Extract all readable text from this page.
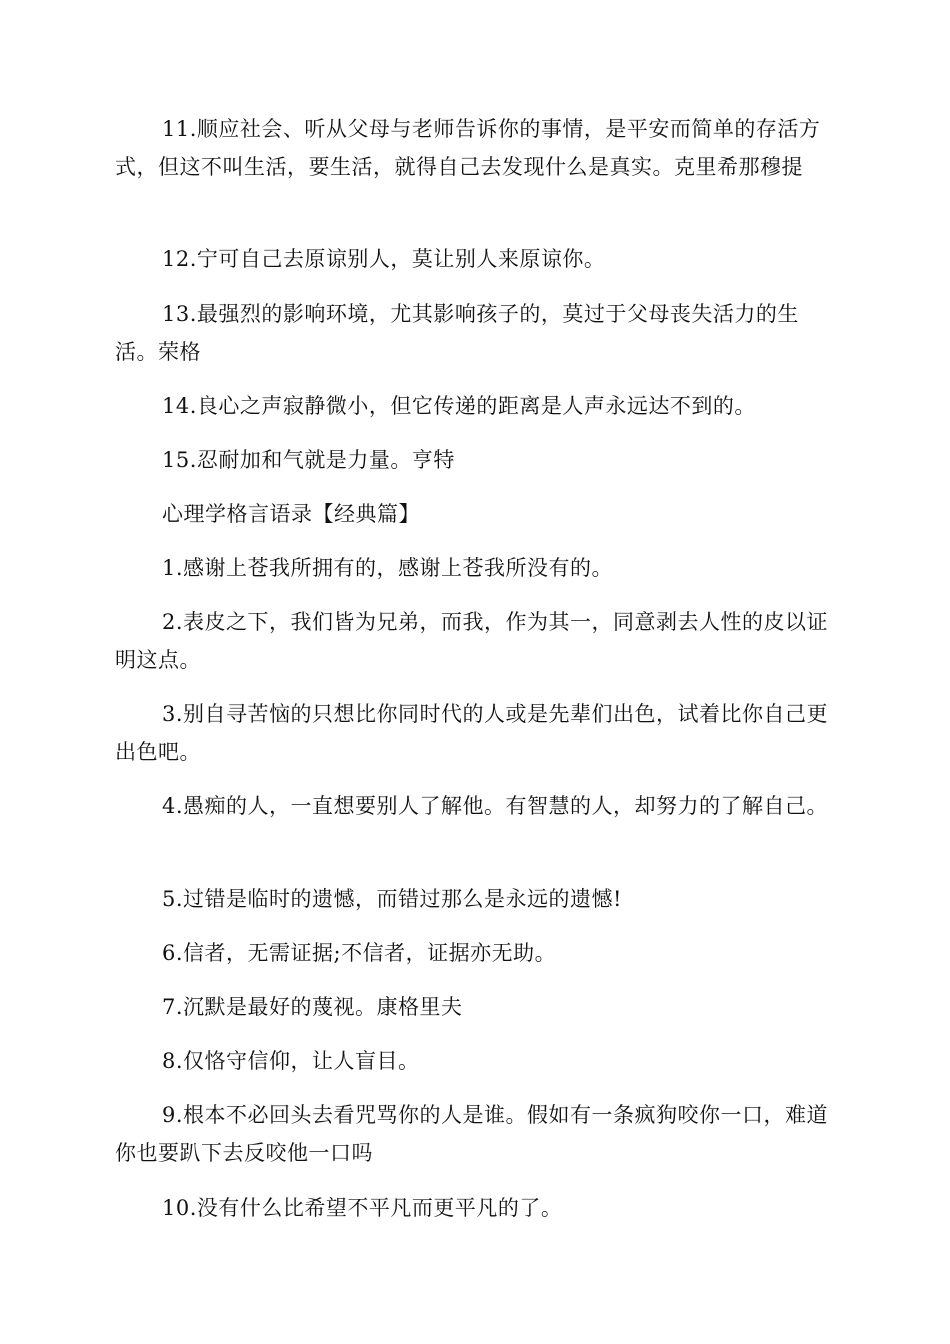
11.顺应社会、听从父母与老师告诉你的事情，是平安而简单的存活方式，但这不叫生活，要生活，就得自己去发现什么是真实。克里希那穆提

12.宁可自己去原谅别人，莫让别人来原谅你。

13.最强烈的影响环境，尤其影响孩子的，莫过于父母丧失活力的生活。荣格

14.良心之声寂静微小，但它传递的距离是人声永远达不到的。

15.忍耐加和气就是力量。亨特

心理学格言语录【经典篇】

1.感谢上苍我所拥有的，感谢上苍我所没有的。

2.表皮之下，我们皆为兄弟，而我，作为其一，同意剥去人性的皮以证明这点。

3.别自寻苦恼的只想比你同时代的人或是先辈们出色，试着比你自己更出色吧。

4.愚痴的人，一直想要别人了解他。有智慧的人，却努力的了解自己。

5.过错是临时的遗憾，而错过那么是永远的遗憾!

6.信者，无需证据;不信者，证据亦无助。

7.沉默是最好的蔑视。康格里夫

8.仅恪守信仰，让人盲目。

9.根本不必回头去看咒骂你的人是谁。假如有一条疯狗咬你一口，难道你也要趴下去反咬他一口吗

10.没有什么比希望不平凡而更平凡的了。
